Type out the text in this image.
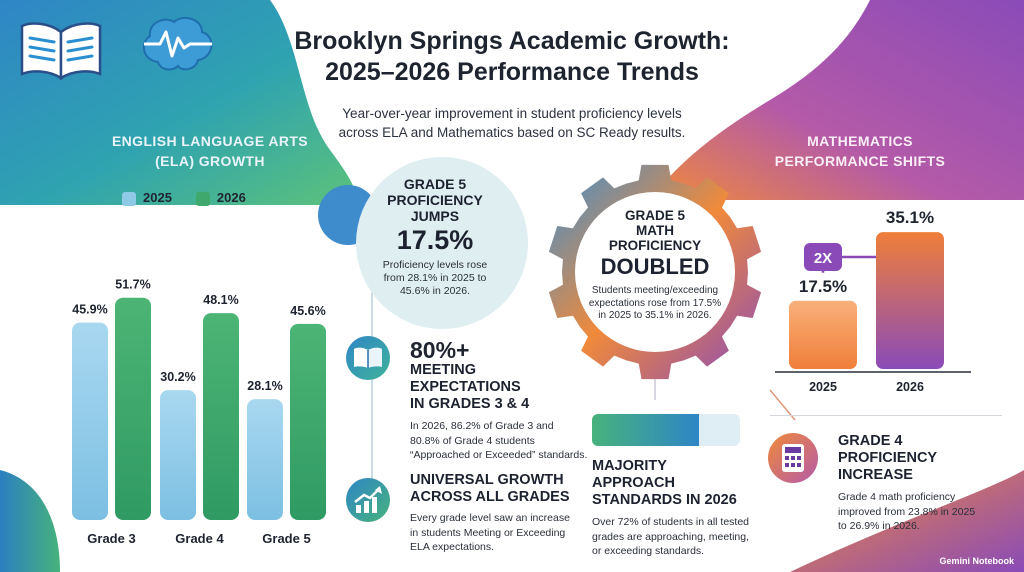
Brooklyn Springs Academic Growth:
2025–2026 Performance Trends
Year-over-year improvement in student proficiency levels
across ELA and Mathematics based on SC Ready results.
ENGLISH LANGUAGE ARTS
(ELA) GROWTH
MATHEMATICS
PERFORMANCE SHIFTS
2025	2026
45.9%
51.7%
Grade 3
30.2%
48.1%
Grade 4
28.1%
45.6%
Grade 5
GRADE 5
PROFICIENCY
JUMPS
17.5%
Proficiency levels rose
from 28.1% in 2025 to
45.6% in 2026.
80%+
MEETING
EXPECTATIONS
IN GRADES 3 & 4
In 2026, 86.2% of Grade 3 and
80.8% of Grade 4 students
“Approached or Exceeded” standards.
UNIVERSAL GROWTH
ACROSS ALL GRADES
Every grade level saw an increase
in students Meeting or Exceeding
ELA expectations.
GRADE 5
MATH
PROFICIENCY
DOUBLED
Students meeting/exceeding
expectations rose from 17.5%
in 2025 to 35.1% in 2026.
MAJORITY
APPROACH
STANDARDS IN 2026
Over 72% of students in all tested
grades are approaching, meeting,
or exceeding standards.
17.5%
2025
35.1%
2026
2X
GRADE 4
PROFICIENCY
INCREASE
Grade 4 math proficiency
improved from 23.8% in 2025
to 26.9% in 2026.
Gemini Notebook
